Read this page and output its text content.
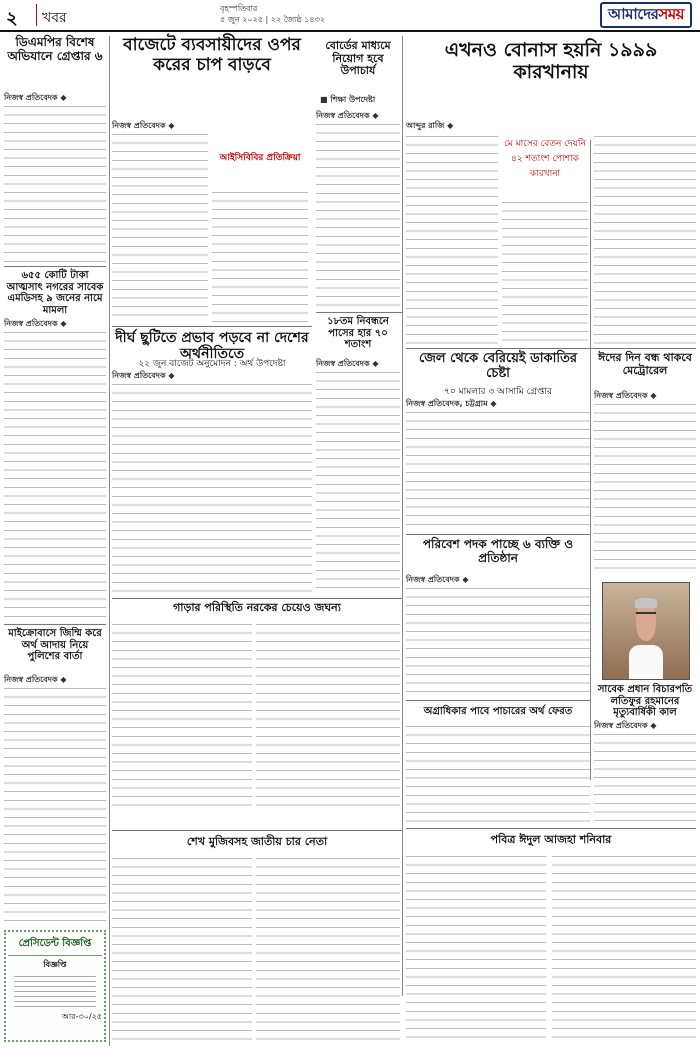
২ খবর
বৃহস্পতিবার
৫ জুন ২০২৫ | ২২ জ্যৈষ্ঠ ১৪৩২	আমাদেরসময়
ডিএমপির বিশেষ অভিযানে গ্রেপ্তার ৬
নিজস্ব প্রতিবেদক ◆
৬৫৫ কোটি টাকা আত্মসাৎ নগরের সাবেক এমডিসহ ৯ জনের নামে মামলা
নিজস্ব প্রতিবেদক ◆
মাইক্রোবাসে জিম্মি করে অর্থ আদায় নিয়ে পুলিশের বার্তা
নিজস্ব প্রতিবেদক ◆
প্রেসিডেন্ট বিজ্ঞপ্তি
বিজ্ঞপ্তি
আর-৩০/২৫
বাজেটে ব্যবসায়ীদের ওপর করের চাপ বাড়বে
নিজস্ব প্রতিবেদক ◆
আইসিবিবির প্রতিক্রিয়া
দীর্ঘ ছুটিতে প্রভাব পড়বে না দেশের অর্থনীতিতে
২২ জুন বাজেট অনুমোদন : অর্থ উপদেষ্টা
নিজস্ব প্রতিবেদক ◆
গাড়ার পরিস্থিতি নরকের চেয়েও জঘন্য
শেখ মুজিবসহ জাতীয় চার নেতা
বোর্ডের মাধ্যমে নিয়োগ হবে উপাচার্য
■ শিক্ষা উপদেষ্টা
নিজস্ব প্রতিবেদক ◆
১৮তম নিবন্ধনে পাসের হার ৭০ শতাংশ
নিজস্ব প্রতিবেদক ◆
এখনও বোনাস হয়নি ১৯৯৯ কারখানায়
আব্দুর রাজি ◆
মে মাসের বেতন দেয়নি ৪২ শতাংশ পোশাক কারখানা
জেল থেকে বেরিয়েই ডাকাতির চেষ্টা
৭০ মামলার ৩ আসামি গ্রেপ্তার
নিজস্ব প্রতিবেদক, চট্টগ্রাম ◆
পরিবেশ পদক পাচ্ছে ৬ ব্যক্তি ও প্রতিষ্ঠান
নিজস্ব প্রতিবেদক ◆
অগ্রাধিকার পাবে পাচারের অর্থ ফেরত
পবিত্র ঈদুল আজহা শনিবার
ঈদের দিন বন্ধ থাকবে মেট্রোরেল
নিজস্ব প্রতিবেদক ◆
সাবেক প্রধান বিচারপতি লতিফুর রহমানের মৃত্যুবার্ষিকী কাল
নিজস্ব প্রতিবেদক ◆
